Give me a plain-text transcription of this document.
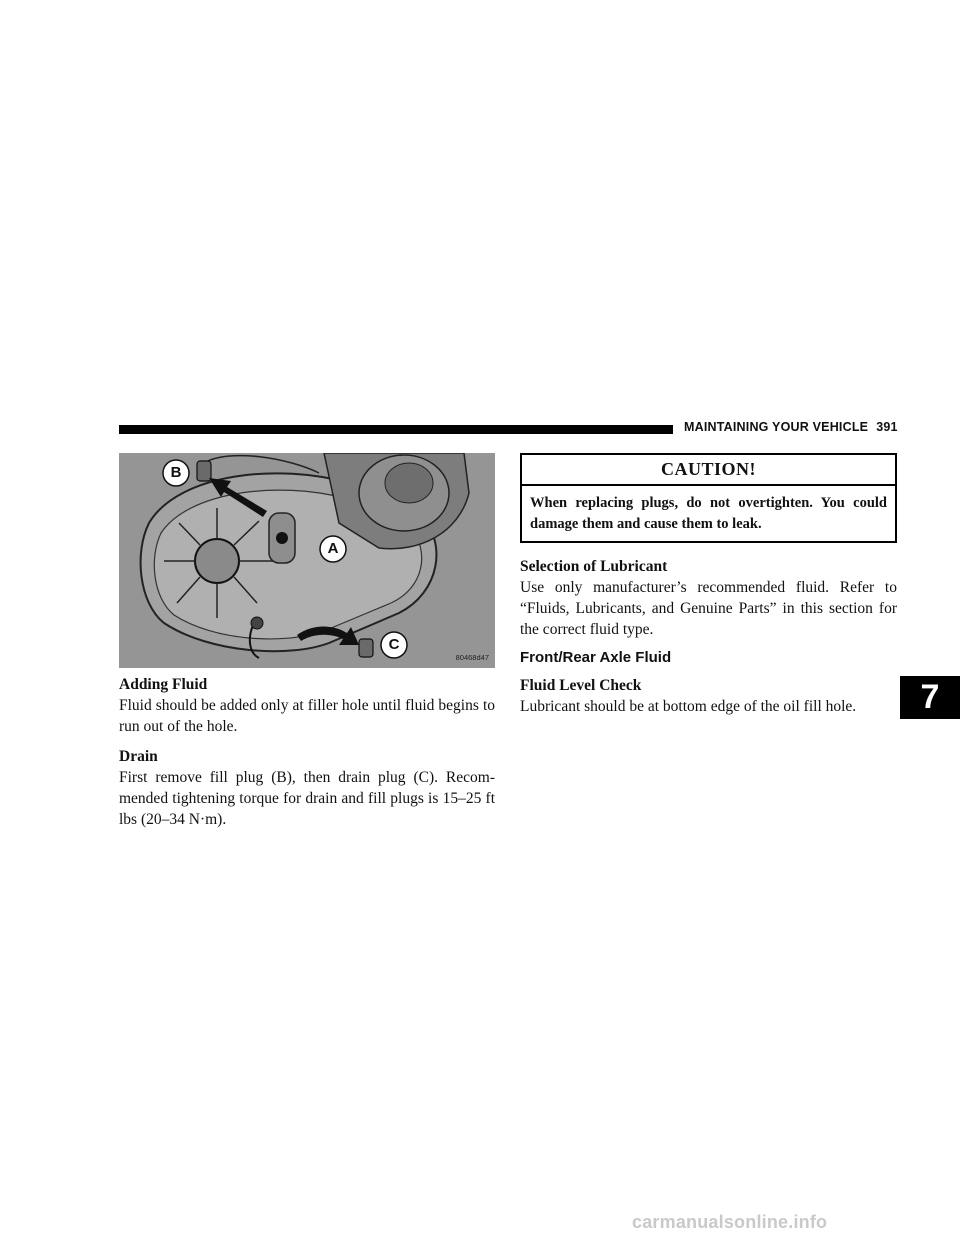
MAINTAINING YOUR VEHICLE 391
B
A
C
80468d47

Adding Fluid

Fluid should be added only at filler hole until fluid begins to run out of the hole.

Drain

First remove fill plug (B), then drain plug (C). Recom-mended tightening torque for drain and fill plugs is 15–25 ft lbs (20–34 N·m).

CAUTION!
When replacing plugs, do not overtighten. You could damage them and cause them to leak.

Selection of Lubricant

Use only manufacturer’s recommended fluid. Refer to “Fluids, Lubricants, and Genuine Parts” in this section for the correct fluid type.

Front/Rear Axle Fluid

Fluid Level Check

Lubricant should be at bottom edge of the oil fill hole.	7
carmanualsonline.info
